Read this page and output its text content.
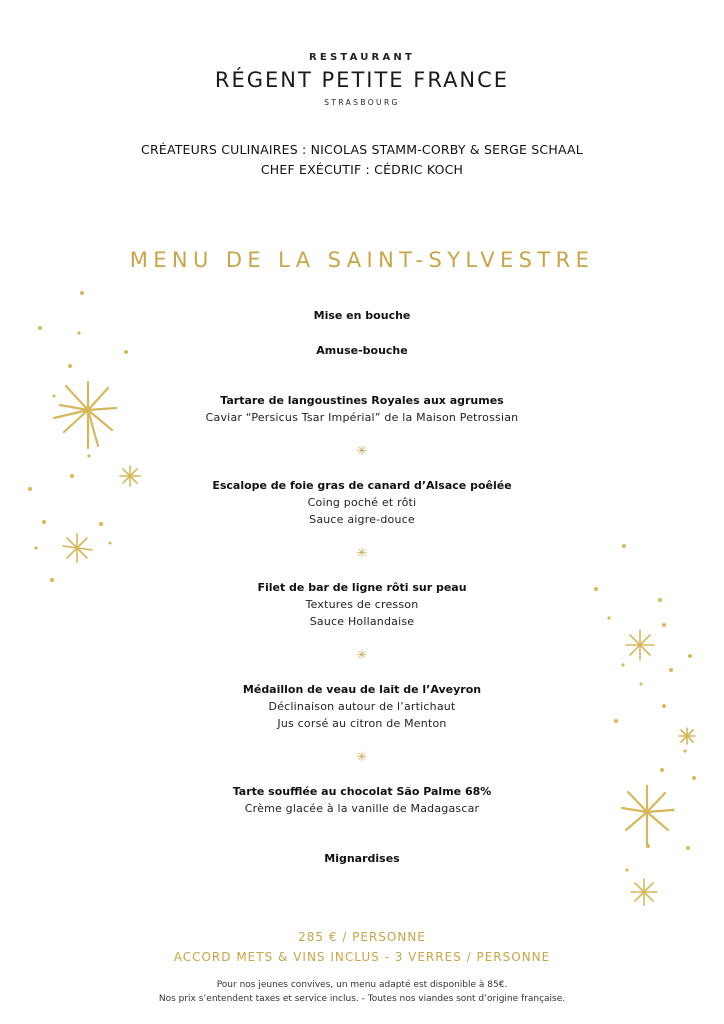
RESTAURANT
RÉGENT PETITE FRANCE
STRASBOURG
CRÉATEURS CULINAIRES : NICOLAS STAMM-CORBY & SERGE SCHAAL
CHEF EXÉCUTIF : CÉDRIC KOCH
MENU DE LA SAINT-SYLVESTRE
Mise en bouche
Amuse-bouche
Tartare de langoustines Royales aux agrumes
Caviar “Persicus Tsar Impérial” de la Maison Petrossian
✳
Escalope de foie gras de canard d’Alsace poêlée
Coing poché et rôti
Sauce aigre-douce
✳
Filet de bar de ligne rôti sur peau
Textures de cresson
Sauce Hollandaise
✳
Médaillon de veau de lait de l’Aveyron
Déclinaison autour de l’artichaut
Jus corsé au citron de Menton
✳
Tarte soufflée au chocolat São Palme 68%
Crème glacée à la vanille de Madagascar
Mignardises
285 € / PERSONNE
ACCORD METS & VINS INCLUS - 3 VERRES / PERSONNE
Pour nos jeunes convives, un menu adapté est disponible à 85€.
Nos prix s’entendent taxes et service inclus. - Toutes nos viandes sont d’origine française.
